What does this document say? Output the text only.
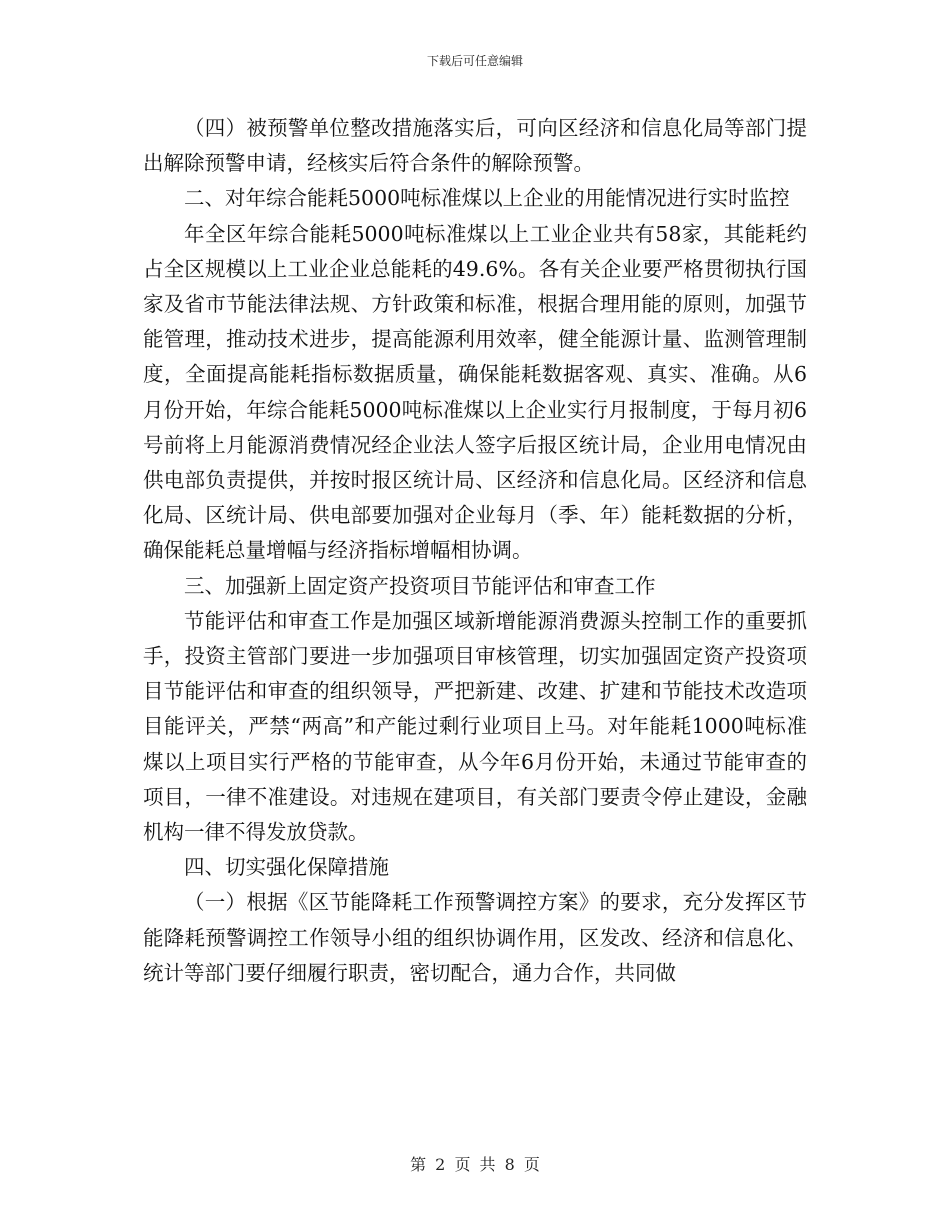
下载后可任意编辑

（四）被预警单位整改措施落实后，可向区经济和信息化局等部门提出解除预警申请，经核实后符合条件的解除预警。

二、对年综合能耗5000吨标准煤以上企业的用能情况进行实时监控

年全区年综合能耗5000吨标准煤以上工业企业共有58家，其能耗约占全区规模以上工业企业总能耗的49.6%。各有关企业要严格贯彻执行国家及省市节能法律法规、方针政策和标准，根据合理用能的原则，加强节能管理，推动技术进步，提高能源利用效率，健全能源计量、监测管理制度，全面提高能耗指标数据质量，确保能耗数据客观、真实、准确。从6月份开始，年综合能耗5000吨标准煤以上企业实行月报制度，于每月初6号前将上月能源消费情况经企业法人签字后报区统计局，企业用电情况由供电部负责提供，并按时报区统计局、区经济和信息化局。区经济和信息化局、区统计局、供电部要加强对企业每月（季、年）能耗数据的分析，确保能耗总量增幅与经济指标增幅相协调。

三、加强新上固定资产投资项目节能评估和审查工作

节能评估和审查工作是加强区域新增能源消费源头控制工作的重要抓手，投资主管部门要进一步加强项目审核管理，切实加强固定资产投资项目节能评估和审查的组织领导，严把新建、改建、扩建和节能技术改造项目能评关，严禁“两高”和产能过剩行业项目上马。对年能耗1000吨标准煤以上项目实行严格的节能审查，从今年6月份开始，未通过节能审查的项目，一律不准建设。对违规在建项目，有关部门要责令停止建设，金融机构一律不得发放贷款。

四、切实强化保障措施

（一）根据《区节能降耗工作预警调控方案》的要求，充分发挥区节能降耗预警调控工作领导小组的组织协调作用，区发改、经济和信息化、统计等部门要仔细履行职责，密切配合，通力合作，共同做

第 2 页 共 8 页
